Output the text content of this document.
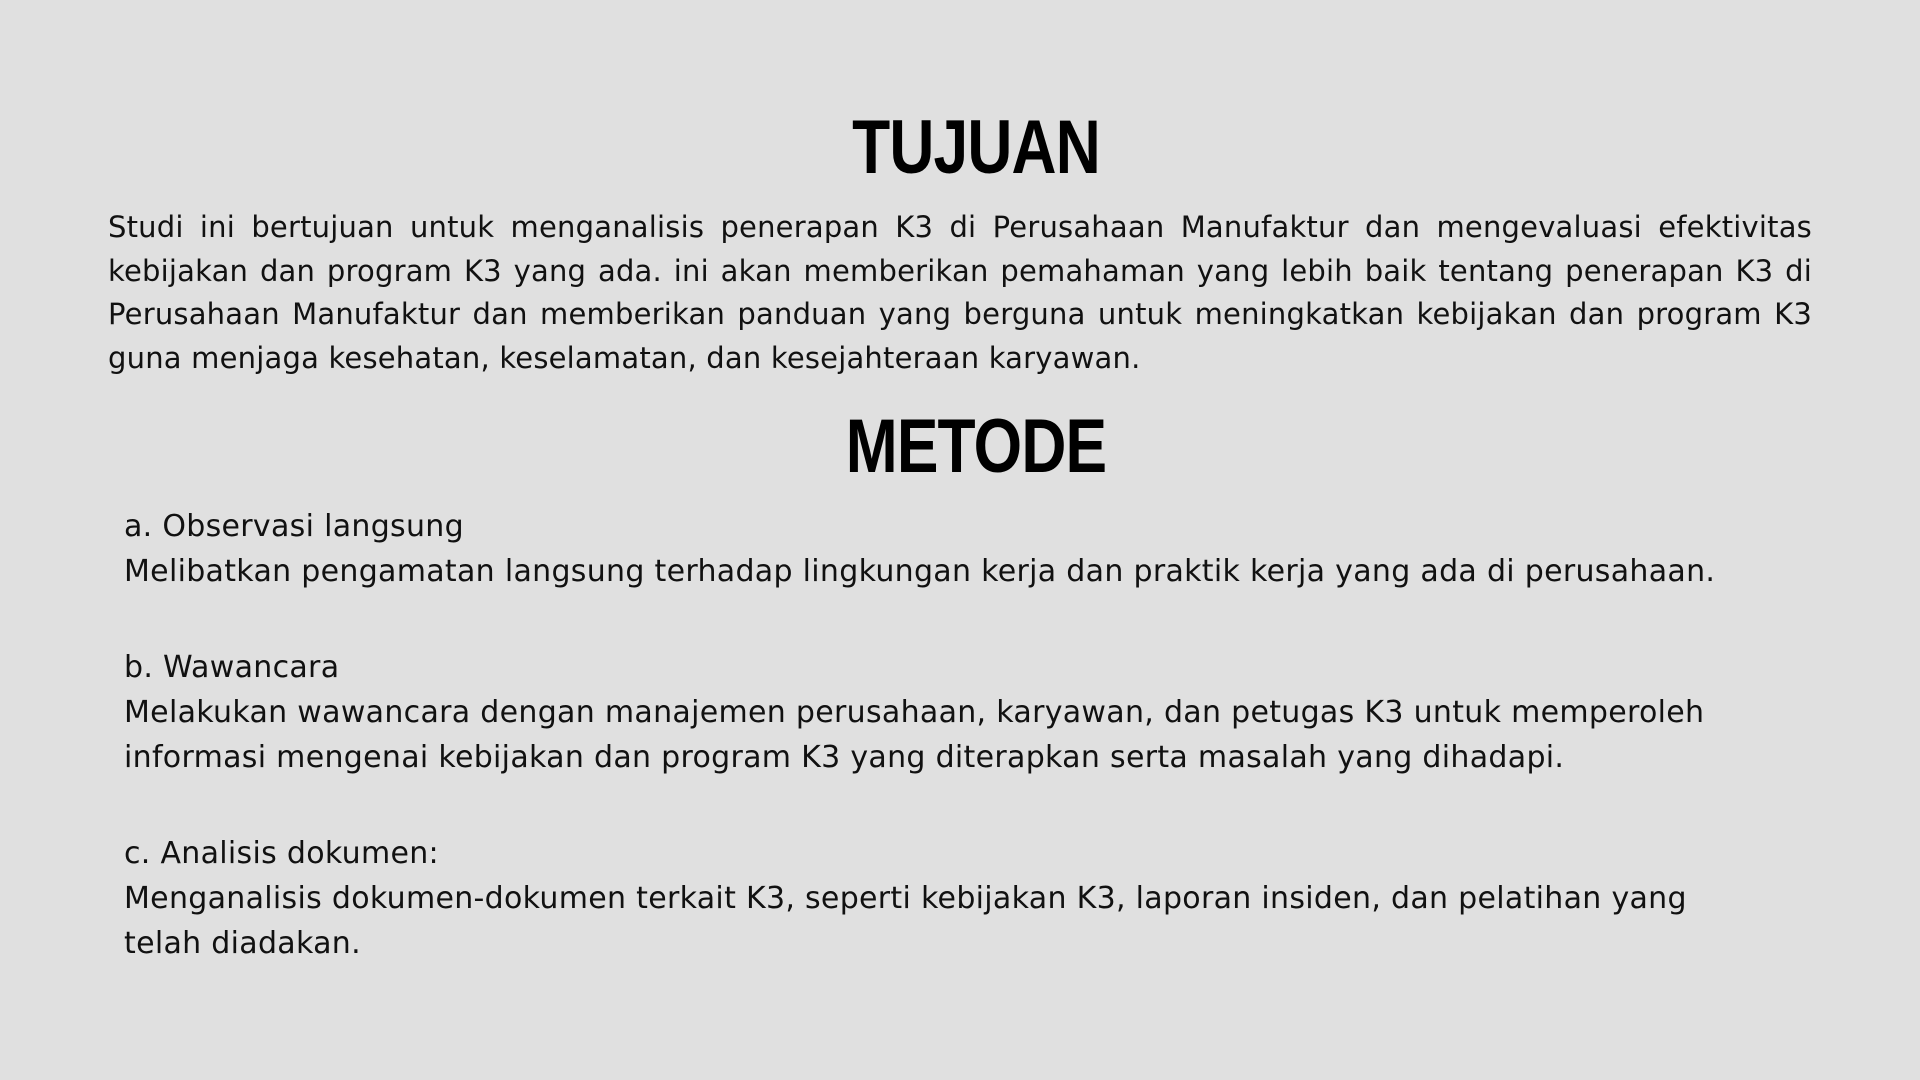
TUJUAN

Studi ini bertujuan untuk menganalisis penerapan K3 di Perusahaan Manufaktur dan mengevaluasi efektivitas kebijakan dan program K3 yang ada. ini akan memberikan pemahaman yang lebih baik tentang penerapan K3 di Perusahaan Manufaktur dan memberikan panduan yang berguna untuk meningkatkan kebijakan dan program K3 guna menjaga kesehatan, keselamatan, dan kesejahteraan karyawan.

METODE

a. Observasi langsung

Melibatkan pengamatan langsung terhadap lingkungan kerja dan praktik kerja yang ada di perusahaan.

b. Wawancara

Melakukan wawancara dengan manajemen perusahaan, karyawan, dan petugas K3 untuk memperoleh informasi mengenai kebijakan dan program K3 yang diterapkan serta masalah yang dihadapi.

c. Analisis dokumen:

Menganalisis dokumen-dokumen terkait K3, seperti kebijakan K3, laporan insiden, dan pelatihan yang telah diadakan.
